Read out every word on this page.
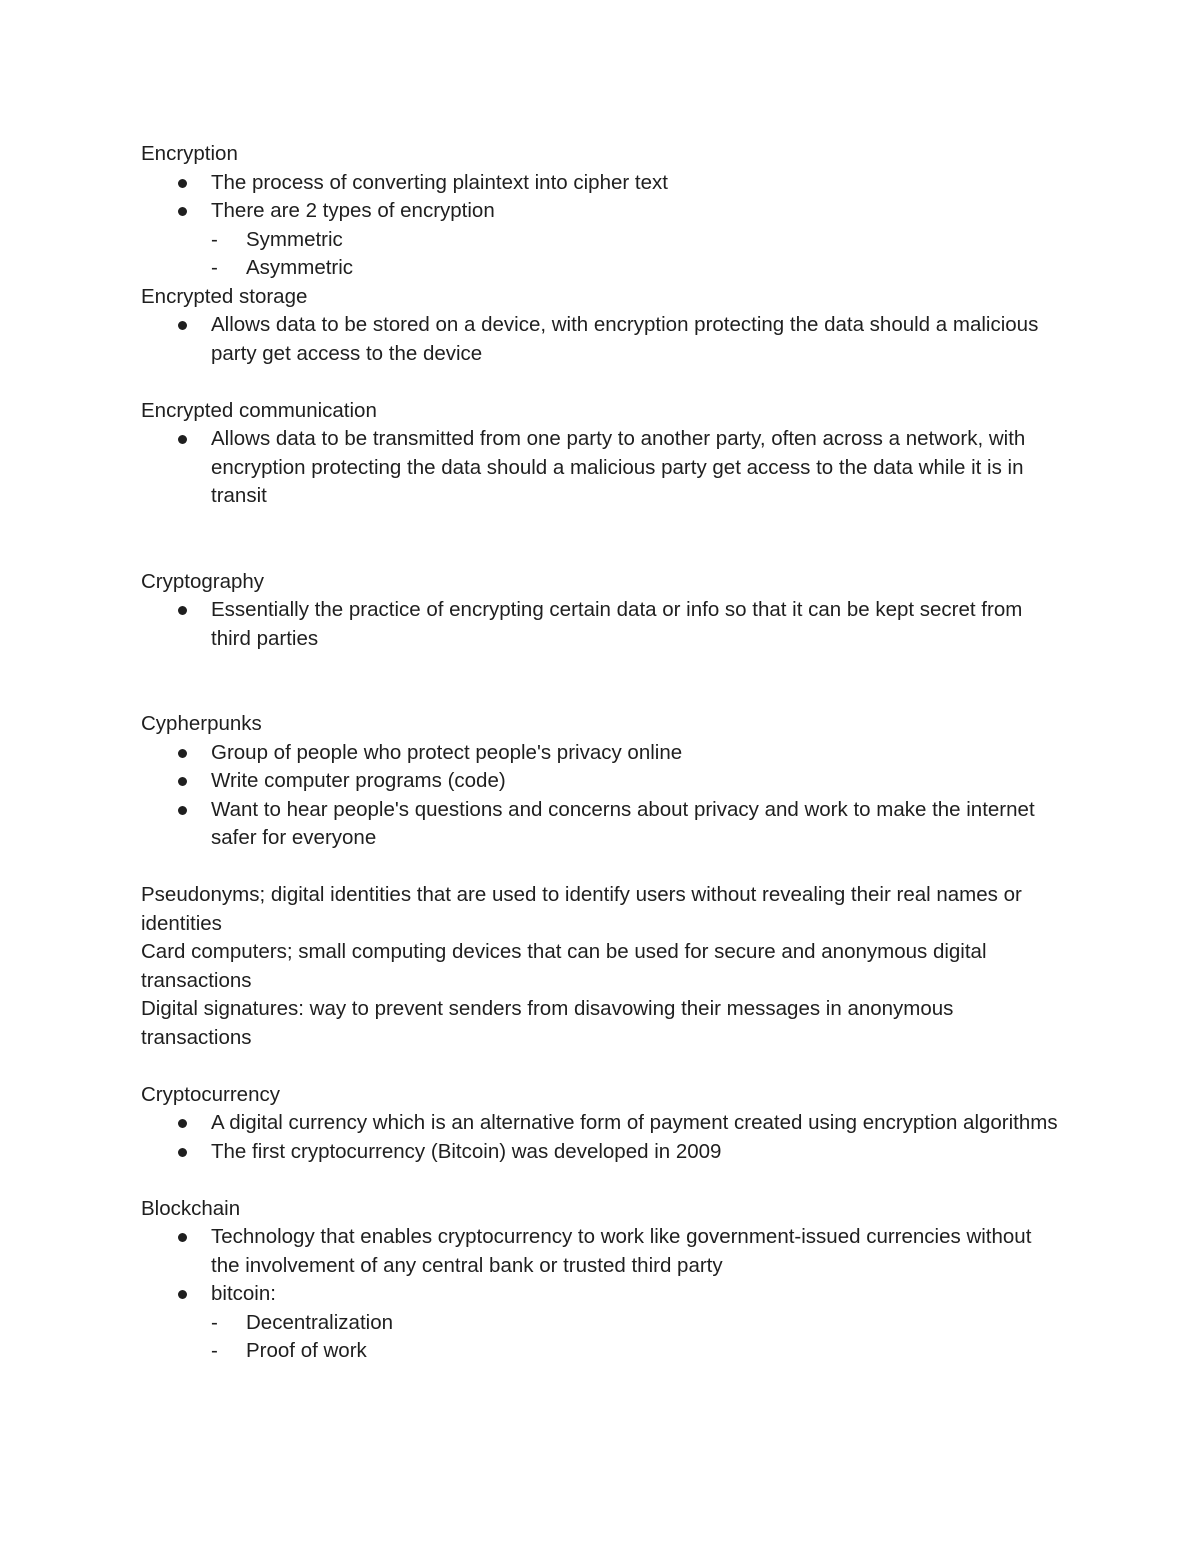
Encryption

The process of converting plaintext into cipher text
There are 2 types of encryption
- Symmetric
- Asymmetric

Encrypted storage

Allows data to be stored on a device, with encryption protecting the data should a malicious party get access to the device

Encrypted communication

Allows data to be transmitted from one party to another party, often across a network, with encryption protecting the data should a malicious party get access to the data while it is in transit

Cryptography

Essentially the practice of encrypting certain data or info so that it can be kept secret from third parties

Cypherpunks

Group of people who protect people's privacy online
Write computer programs (code)
Want to hear people's questions and concerns about privacy and work to make the internet safer for everyone

Pseudonyms; digital identities that are used to identify users without revealing their real names or identities

Card computers; small computing devices that can be used for secure and anonymous digital transactions

Digital signatures: way to prevent senders from disavowing their messages in anonymous transactions

Cryptocurrency

A digital currency which is an alternative form of payment created using encryption algorithms
The first cryptocurrency (Bitcoin) was developed in 2009

Blockchain

Technology that enables cryptocurrency to work like government-issued currencies without the involvement of any central bank or trusted third party
bitcoin:
- Decentralization
- Proof of work
